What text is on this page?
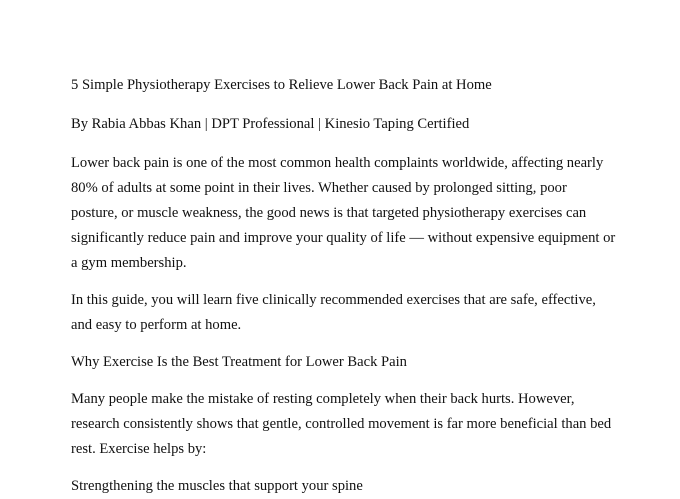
5 Simple Physiotherapy Exercises to Relieve Lower Back Pain at Home

By Rabia Abbas Khan | DPT Professional | Kinesio Taping Certified

Lower back pain is one of the most common health complaints worldwide, affecting nearly 80% of adults at some point in their lives. Whether caused by prolonged sitting, poor posture, or muscle weakness, the good news is that targeted physiotherapy exercises can significantly reduce pain and improve your quality of life — without expensive equipment or a gym membership.

In this guide, you will learn five clinically recommended exercises that are safe, effective, and easy to perform at home.

Why Exercise Is the Best Treatment for Lower Back Pain

Many people make the mistake of resting completely when their back hurts. However, research consistently shows that gentle, controlled movement is far more beneficial than bed rest. Exercise helps by:

Strengthening the muscles that support your spine
